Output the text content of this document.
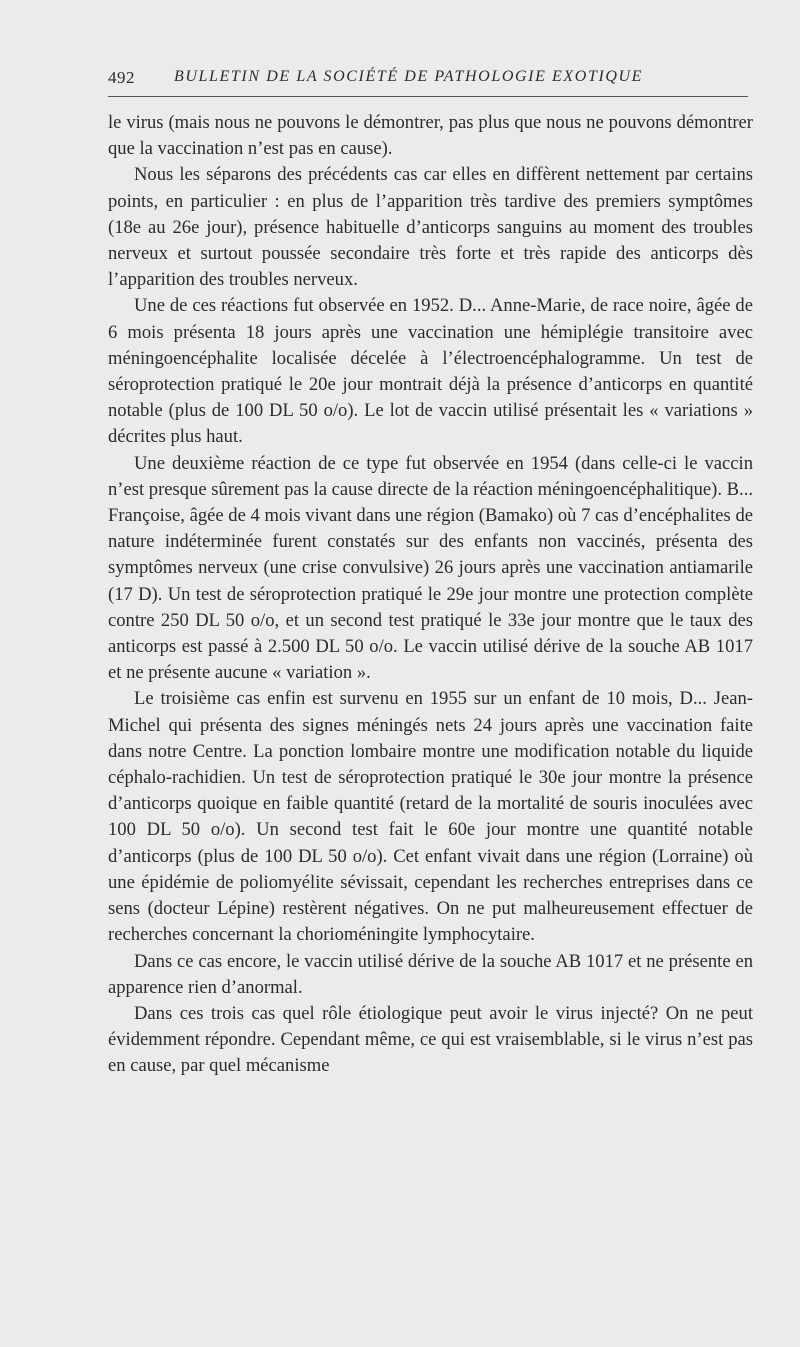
492 BULLETIN DE LA SOCIÉTÉ DE PATHOLOGIE EXOTIQUE

le virus (mais nous ne pouvons le démontrer, pas plus que nous ne pouvons démontrer que la vaccination n’est pas en cause).

Nous les séparons des précédents cas car elles en diffèrent nettement par certains points, en particulier : en plus de l’apparition très tardive des premiers symptômes (18e au 26e jour), présence habituelle d’anticorps sanguins au moment des troubles nerveux et surtout poussée secondaire très forte et très rapide des anticorps dès l’apparition des troubles nerveux.

Une de ces réactions fut observée en 1952. D... Anne-Marie, de race noire, âgée de 6 mois présenta 18 jours après une vaccination une hémiplégie transitoire avec méningoencéphalite localisée décelée à l’électroencéphalogramme. Un test de séroprotection pratiqué le 20e jour montrait déjà la présence d’anticorps en quantité notable (plus de 100 DL 50 o/o). Le lot de vaccin utilisé présentait les « variations » décrites plus haut.

Une deuxième réaction de ce type fut observée en 1954 (dans celle-ci le vaccin n’est presque sûrement pas la cause directe de la réaction méningoencéphalitique). B... Françoise, âgée de 4 mois vivant dans une région (Bamako) où 7 cas d’encéphalites de nature indéterminée furent constatés sur des enfants non vaccinés, présenta des symptômes nerveux (une crise convulsive) 26 jours après une vaccination antiamarile (17 D). Un test de séroprotection pratiqué le 29e jour montre une protection complète contre 250 DL 50 o/o, et un second test pratiqué le 33e jour montre que le taux des anticorps est passé à 2.500 DL 50 o/o. Le vaccin utilisé dérive de la souche AB 1017 et ne présente aucune « variation ».

Le troisième cas enfin est survenu en 1955 sur un enfant de 10 mois, D... Jean-Michel qui présenta des signes méningés nets 24 jours après une vaccination faite dans notre Centre. La ponction lombaire montre une modification notable du liquide céphalo-rachidien. Un test de séroprotection pratiqué le 30e jour montre la présence d’anticorps quoique en faible quantité (retard de la mortalité de souris inoculées avec 100 DL 50 o/o). Un second test fait le 60e jour montre une quantité notable d’anticorps (plus de 100 DL 50 o/o). Cet enfant vivait dans une région (Lorraine) où une épidémie de poliomyélite sévissait, cependant les recherches entreprises dans ce sens (docteur Lépine) restèrent négatives. On ne put malheureusement effectuer de recherches concernant la chorioméningite lymphocytaire.

Dans ce cas encore, le vaccin utilisé dérive de la souche AB 1017 et ne présente en apparence rien d’anormal.

Dans ces trois cas quel rôle étiologique peut avoir le virus injecté? On ne peut évidemment répondre. Cependant même, ce qui est vraisemblable, si le virus n’est pas en cause, par quel mécanisme
